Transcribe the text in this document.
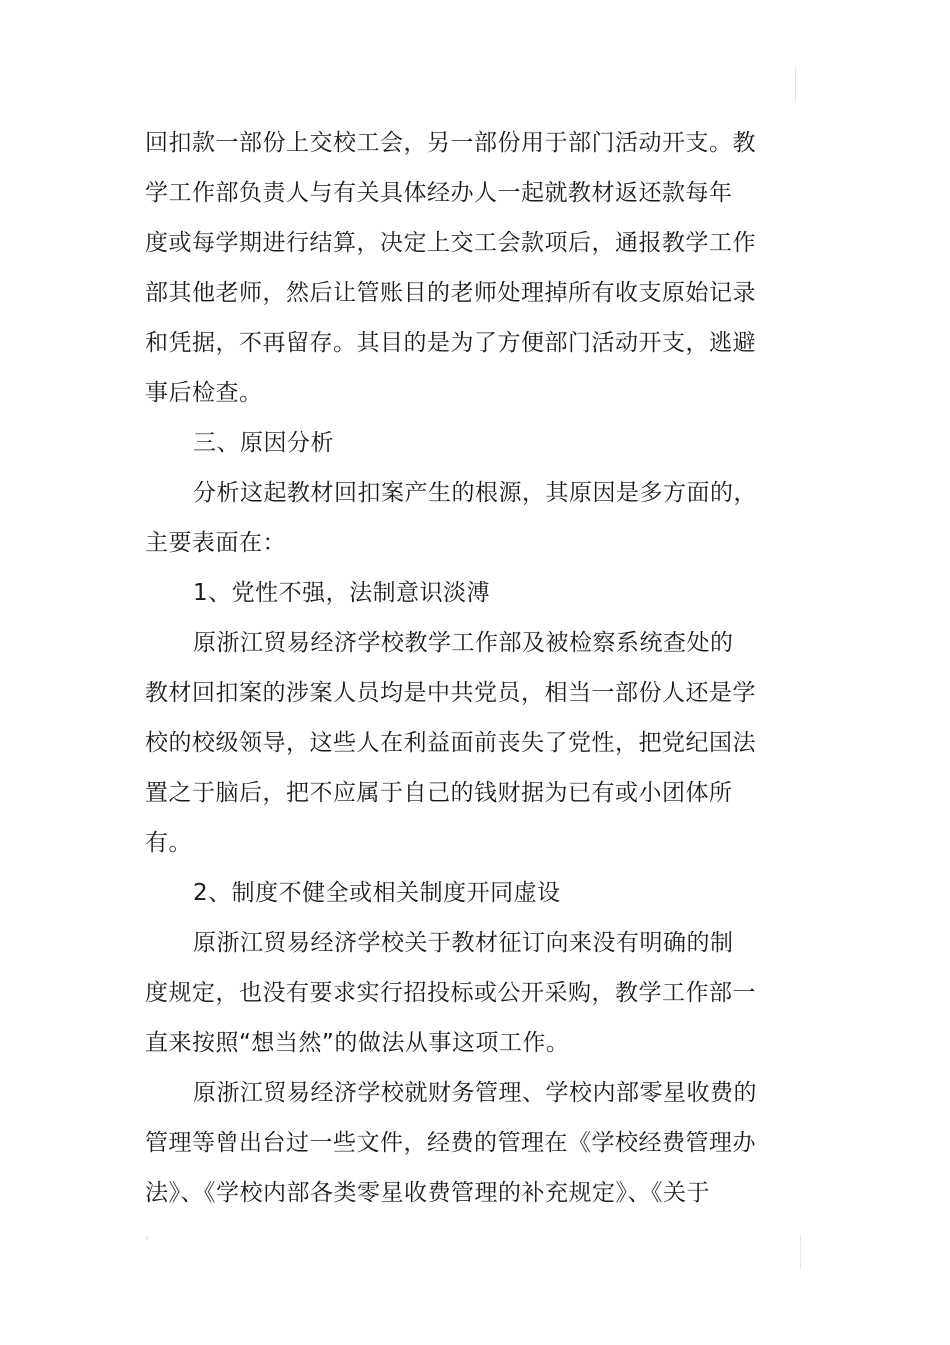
回扣款一部份上交校工会，另一部份用于部门活动开支。教
学工作部负责人与有关具体经办人一起就教材返还款每年
度或每学期进行结算，决定上交工会款项后，通报教学工作
部其他老师，然后让管账目的老师处理掉所有收支原始记录
和凭据，不再留存。其目的是为了方便部门活动开支，逃避
事后检查。
三、原因分析
分析这起教材回扣案产生的根源，其原因是多方面的，
主要表面在：
1、党性不强，法制意识淡溥
原浙江贸易经济学校教学工作部及被检察系统查处的
教材回扣案的涉案人员均是中共党员，相当一部份人还是学
校的校级领导，这些人在利益面前丧失了党性，把党纪国法
置之于脑后，把不应属于自己的钱财据为已有或小团体所
有。
2、制度不健全或相关制度开同虚设
原浙江贸易经济学校关于教材征订向来没有明确的制
度规定，也没有要求实行招投标或公开采购，教学工作部一
直来按照“想当然”的做法从事这项工作。
原浙江贸易经济学校就财务管理、学校内部零星收费的
管理等曾出台过一些文件，经费的管理在《学校经费管理办
法》、《学校内部各类零星收费管理的补充规定》、《关于
